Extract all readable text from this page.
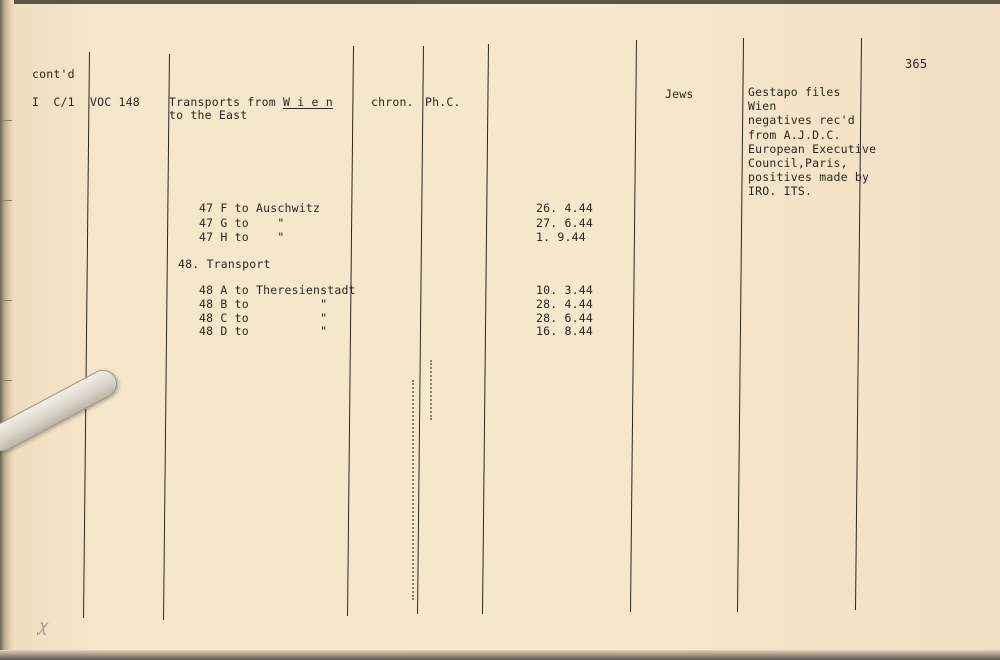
365
cont'd
I  C/1 VOC 148	Transports from W i e n
to the East
chron. Ph.C.
Jews	Gestapo files
Wien
negatives rec'd
from A.J.D.C.
European Executive
Council,Paris,
positives made by
IRO. ITS.
47 F to Auschwitz	26. 4.44
47 G to    "	27. 6.44
47 H to    "	1. 9.44
48. Transport
48 A to Theresienstadt	10. 3.44
48 B to          "	28. 4.44
48 C to          "	28. 6.44
48 D to          "	16. 8.44
ꭕ
